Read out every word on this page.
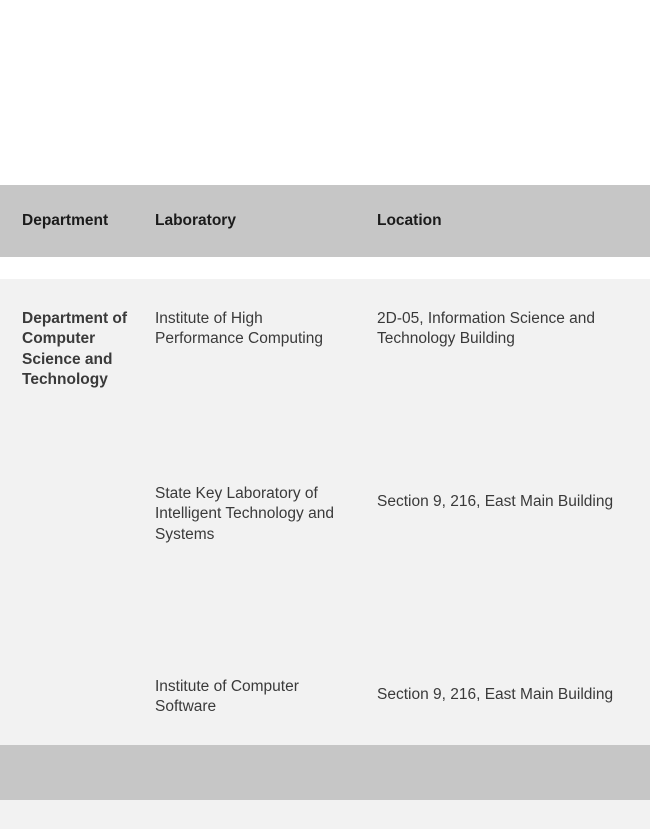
Department	Laboratory	Location

Department of Computer Science and Technology	Institute of High Performance Computing	2D-05, Information Science and Technology Building
	State Key Laboratory of Intelligent Technology and Systems	Section 9, 216, East Main Building
	Institute of Computer Software	Section 9, 216, East Main Building
